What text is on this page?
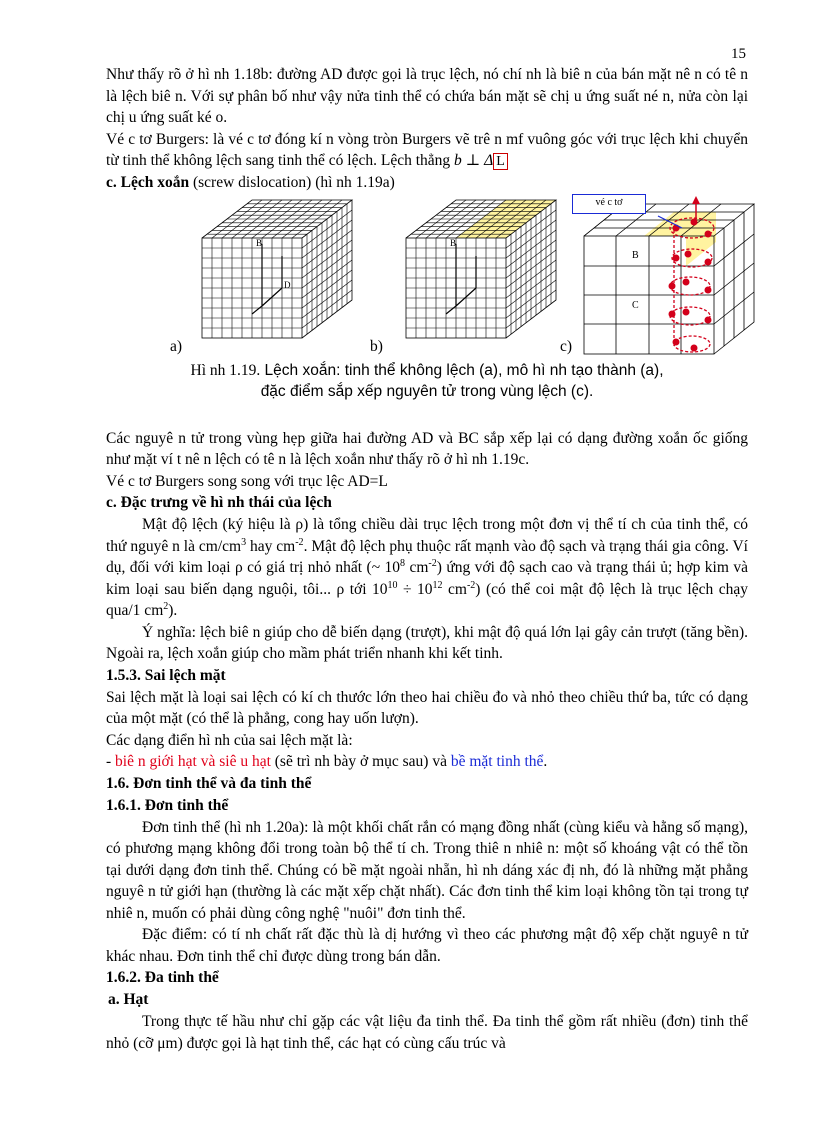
15

Như thấy rõ ở hì nh 1.18b: đường AD được gọi là trục lệch, nó chí nh là biê n của bán mặt nê n có tê n là lệch biê n. Với sự phân bố như vậy nửa tinh thể có chứa bán mặt sẽ chị u ứng suất né n, nửa còn lại chị u ứng suất ké o.

Vé c tơ Burgers: là vé c tơ đóng kí n vòng tròn Burgers vẽ trê n mf vuông góc với trục lệch khi chuyển từ tinh thể không lệch sang tinh thể có lệch. Lệch thẳng b ⊥ Δ L

c. Lệch xoắn (screw dislocation) (hì nh 1.19a)
B
D
B
B
C
vé c tơ
a)	b)	c)
Hì nh 1.19. Lệch xoắn: tinh thể không lệch (a), mô hì nh tạo thành (a),
đặc điểm sắp xếp nguyên tử trong vùng lệch (c).

Các nguyê n tử trong vùng hẹp giữa hai đường AD và BC sắp xếp lại có dạng đường xoắn ốc giống như mặt ví t nê n lệch có tê n là lệch xoắn như thấy rõ ở hì nh 1.19c.

Vé c tơ Burgers song song với trục lệc AD=L

c. Đặc trưng về hì nh thái của lệch

Mật độ lệch (ký hiệu là ρ) là tổng chiều dài trục lệch trong một đơn vị thể tí ch của tinh thể, có thứ nguyê n là $cm/cm^3$ hay $cm^{-2}$. Mật độ lệch phụ thuộc rất mạnh vào độ sạch và trạng thái gia công. Ví dụ, đối với kim loại ρ có giá trị nhỏ nhất (~ $10^8$ $cm^{-2}$) ứng với độ sạch cao và trạng thái ủ; hợp kim và kim loại sau biến dạng nguội, tôi... ρ tới $10^{10} \div 10^{12}$ $cm^{-2}$) (có thể coi mật độ lệch là trục lệch chạy qua/1 $cm^2$).

Ý nghĩa: lệch biê n giúp cho dễ biến dạng (trượt), khi mật độ quá lớn lại gây cản trượt (tăng bền). Ngoài ra, lệch xoắn giúp cho mầm phát triển nhanh khi kết tinh.

1.5.3. Sai lệch mặt

Sai lệch mặt là loại sai lệch có kí ch thước lớn theo hai chiều đo và nhỏ theo chiều thứ ba, tức có dạng của một mặt (có thể là phẳng, cong hay uốn lượn).

Các dạng điển hì nh của sai lệch mặt là:

- biê n giới hạt và siê u hạt (sẽ trì nh bày ở mục sau) và bề mặt tinh thể.

1.6. Đơn tinh thể và đa tinh thể
1.6.1. Đơn tinh thể

Đơn tinh thể (hì nh 1.20a): là một khối chất rắn có mạng đồng nhất (cùng kiểu và hằng số mạng), có phương mạng không đổi trong toàn bộ thể tí ch. Trong thiê n nhiê n: một số khoáng vật có thể tồn tại dưới dạng đơn tinh thể. Chúng có bề mặt ngoài nhẵn, hì nh dáng xác đị nh, đó là những mặt phẳng nguyê n tử giới hạn (thường là các mặt xếp chặt nhất). Các đơn tinh thể kim loại không tồn tại trong tự nhiê n, muốn có phải dùng công nghệ "nuôi" đơn tinh thể.

Đặc điểm: có tí nh chất rất đặc thù là dị hướng vì theo các phương mật độ xếp chặt nguyê n tử khác nhau. Đơn tinh thể chỉ được dùng trong bán dẫn.

1.6.2. Đa tinh thể
a. Hạt

Trong thực tế hầu như chỉ gặp các vật liệu đa tinh thể. Đa tinh thể gồm rất nhiều (đơn) tinh thể nhỏ (cỡ μm) được gọi là hạt tinh thể, các hạt có cùng cấu trúc và
